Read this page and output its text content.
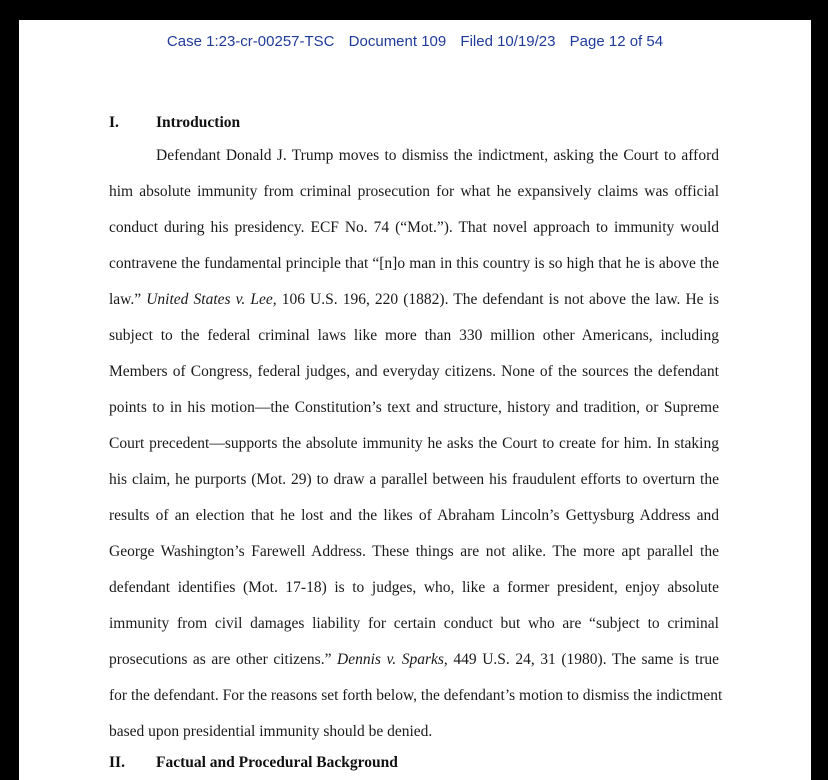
Case 1:23-cr-00257-TSC Document 109 Filed 10/19/23 Page 12 of 54
I. Introduction
Defendant Donald J. Trump moves to dismiss the indictment, asking the Court to afford
him absolute immunity from criminal prosecution for what he expansively claims was official
conduct during his presidency. ECF No. 74 (“Mot.”). That novel approach to immunity would
contravene the fundamental principle that “[n]o man in this country is so high that he is above the
law.” United States v. Lee, 106 U.S. 196, 220 (1882). The defendant is not above the law. He is
subject to the federal criminal laws like more than 330 million other Americans, including
Members of Congress, federal judges, and everyday citizens. None of the sources the defendant
points to in his motion—the Constitution’s text and structure, history and tradition, or Supreme
Court precedent—supports the absolute immunity he asks the Court to create for him. In staking
his claim, he purports (Mot. 29) to draw a parallel between his fraudulent efforts to overturn the
results of an election that he lost and the likes of Abraham Lincoln’s Gettysburg Address and
George Washington’s Farewell Address. These things are not alike. The more apt parallel the
defendant identifies (Mot. 17-18) is to judges, who, like a former president, enjoy absolute
immunity from civil damages liability for certain conduct but who are “subject to criminal
prosecutions as are other citizens.” Dennis v. Sparks, 449 U.S. 24, 31 (1980). The same is true
for the defendant. For the reasons set forth below, the defendant’s motion to dismiss the indictment
based upon presidential immunity should be denied.
II. Factual and Procedural Background
